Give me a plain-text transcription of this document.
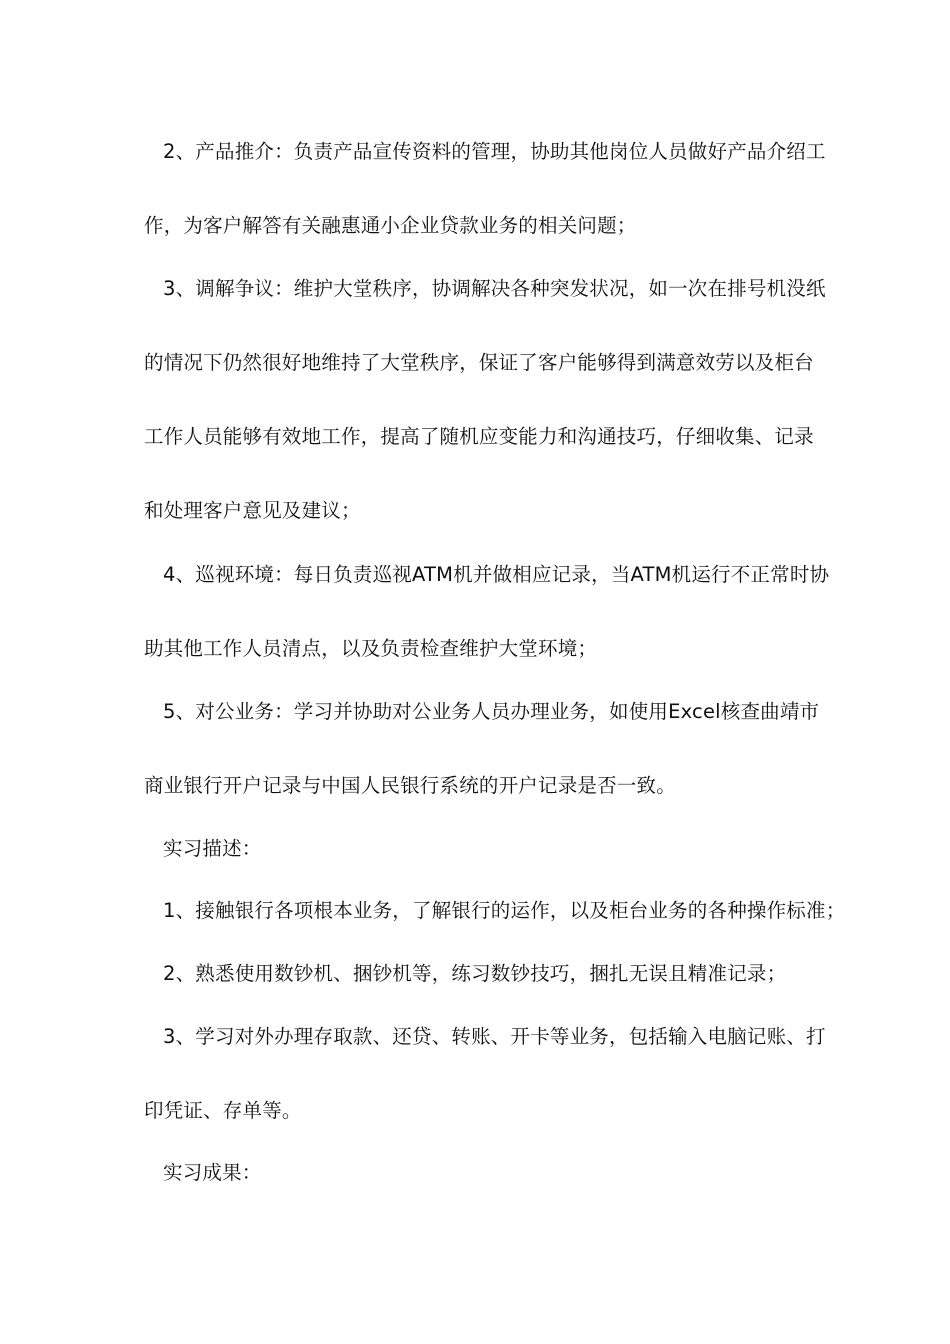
2、产品推介：负责产品宣传资料的管理，协助其他岗位人员做好产品介绍工
作，为客户解答有关融惠通小企业贷款业务的相关问题；
3、调解争议：维护大堂秩序，协调解决各种突发状况，如一次在排号机没纸
的情况下仍然很好地维持了大堂秩序，保证了客户能够得到满意效劳以及柜台
工作人员能够有效地工作，提高了随机应变能力和沟通技巧，仔细收集、记录
和处理客户意见及建议；
4、巡视环境：每日负责巡视ATM机并做相应记录，当ATM机运行不正常时协
助其他工作人员清点，以及负责检查维护大堂环境；
5、对公业务：学习并协助对公业务人员办理业务，如使用Excel核查曲靖市
商业银行开户记录与中国人民银行系统的开户记录是否一致。
实习描述：
1、接触银行各项根本业务，了解银行的运作，以及柜台业务的各种操作标准；
2、熟悉使用数钞机、捆钞机等，练习数钞技巧，捆扎无误且精准记录；
3、学习对外办理存取款、还贷、转账、开卡等业务，包括输入电脑记账、打
印凭证、存单等。
实习成果：
